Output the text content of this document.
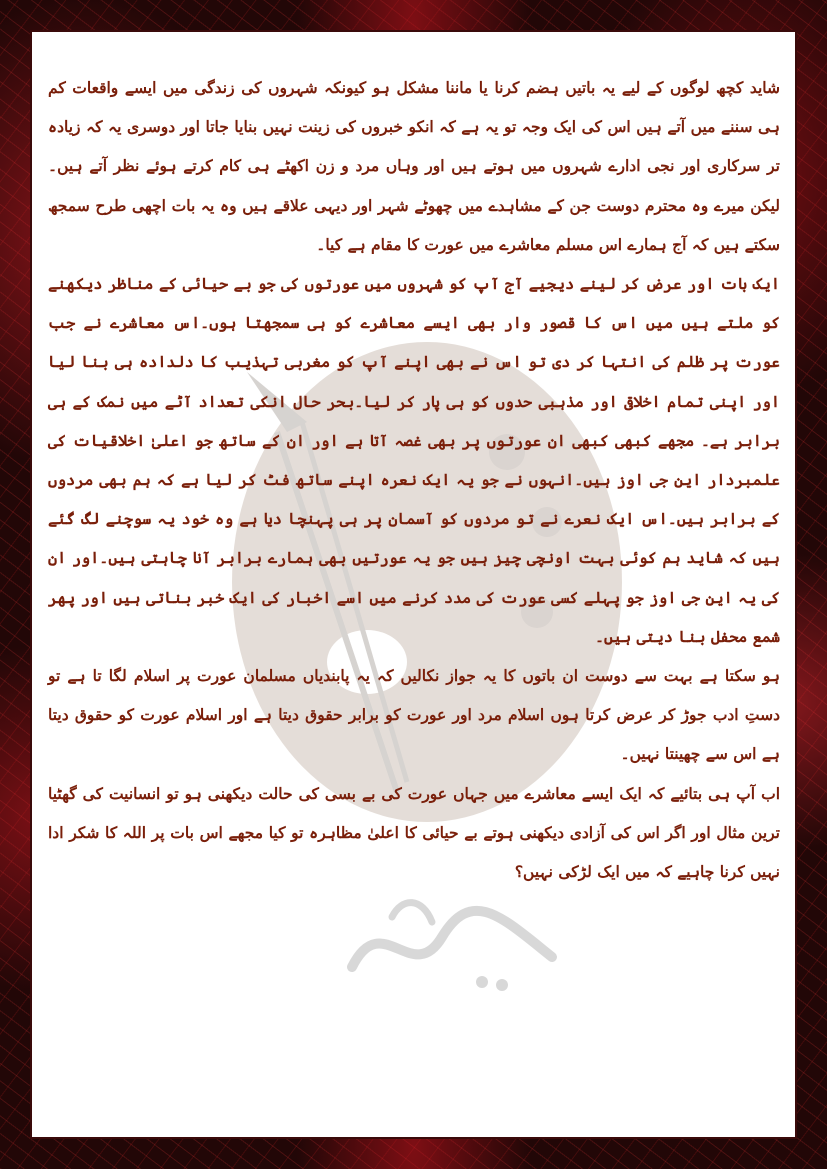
شاید کچھ لوگوں کے لیے یہ باتیں ہضم کرنا یا ماننا مشکل ہو کیونکہ شہروں کی زندگی میں ایسے واقعات کم ہی سننے میں آتے ہیں اس کی ایک وجہ تو یہ ہے کہ انکو خبروں کی زینت نہیں بنایا جاتا اور دوسری یہ کہ زیادہ تر سرکاری اور نجی ادارے شہروں میں ہوتے ہیں اور وہاں مرد و زن اکھٹے ہی کام کرتے ہوئے نظر آتے ہیں۔لیکن میرے وہ محترم دوست جن کے مشاہدے میں چھوٹے شہر اور دیہی علاقے ہیں وہ یہ بات اچھی طرح سمجھ سکتے ہیں کہ آج ہمارے اس مسلم معاشرے میں عورت کا مقام ہے کیا۔

ایک بات اور عرض کر لینے دیجیے آج آپ کو شہروں میں عورتوں کی جو بے حیائی کے مناظر دیکھنے کو ملتے ہیں میں اس کا قصور وار بھی ایسے معاشرے کو ہی سمجھتا ہوں۔اس معاشرے نے جب عورت پر ظلم کی انتہا کر دی تو اس نے بھی اپنے آپ کو مغربی تہذیب کا دلدادہ ہی بنا لیا اور اپنی تمام اخلاقی اور مذہبی حدوں کو ہی پار کر لیا۔بحر حال انکی تعداد آٹے میں نمک کے ہی برابر ہے۔ مجھے کبھی کبھی ان عورتوں پر بھی غصہ آتا ہے اور ان کے ساتھ جو اعلیٰ اخلاقیات کی علمبردار این جی اوز ہیں۔انہوں نے جو یہ ایک نعرہ اپنے ساتھ فٹ کر لیا ہے کہ ہم بھی مردوں کے برابر ہیں۔اس ایک نعرے نے تو مردوں کو آسمان پر ہی پہنچا دیا ہے وہ خود یہ سوچنے لگ گئے ہیں کہ شاید ہم کوئی بہت اونچی چیز ہیں جو یہ عورتیں بھی ہمارے برابر آنا چاہتی ہیں۔اور ان کی یہ این جی اوز جو پہلے کسی عورت کی مدد کرنے میں اسے اخبار کی ایک خبر بناتی ہیں اور پھر شمع محفل بنا دیتی ہیں۔

ہو سکتا ہے بہت سے دوست ان باتوں کا یہ جواز نکالیں کہ یہ پابندیاں مسلمان عورت پر اسلام لگا تا ہے تو دستِ ادب جوڑ کر عرض کرتا ہوں اسلام مرد اور عورت کو برابر حقوق دیتا ہے اور اسلام عورت کو حقوق دیتا ہے اس سے چھینتا نہیں۔

اب آپ ہی بتائیے کہ ایک ایسے معاشرے میں جہاں عورت کی بے بسی کی حالت دیکھنی ہو تو انسانیت کی گھٹیا ترین مثال اور اگر اس کی آزادی دیکھنی ہوتے بے حیائی کا اعلیٰ مظاہرہ تو کیا مجھے اس بات پر اللہ کا شکر ادا نہیں کرنا چاہیے کہ میں ایک لڑکی نہیں؟
